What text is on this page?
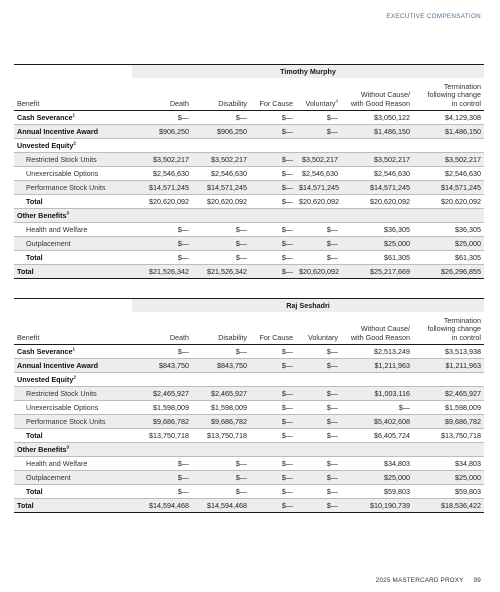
EXECUTIVE COMPENSATION

	Timothy Murphy					
Benefit	Death	Disability	For Cause	Voluntary$^4$	Without Cause/
with Good Reason	Termination
following change
in control
Cash Severance$^1$	$—	$—	$—	$—	$3,050,122	$4,129,308
Annual Incentive Award	$906,250	$906,250	$—	$—	$1,486,150	$1,486,150
Unvested Equity$^2$						
Restricted Stock Units	$3,502,217	$3,502,217	$—	$3,502,217	$3,502,217	$3,502,217
Unexercisable Options	$2,546,630	$2,546,630	$—	$2,546,630	$2,546,630	$2,546,630
Performance Stock Units	$14,571,245	$14,571,245	$—	$14,571,245	$14,571,245	$14,571,245
Total	$20,620,092	$20,620,092	$—	$20,620,092	$20,620,092	$20,620,092
Other Benefits$^3$						
Health and Welfare	$—	$—	$—	$—	$36,305	$36,305
Outplacement	$—	$—	$—	$—	$25,000	$25,000
Total	$—	$—	$—	$—	$61,305	$61,305
Total	$21,526,342	$21,526,342	$—	$20,620,092	$25,217,669	$26,296,855

	Raj Seshadri					
Benefit	Death	Disability	For Cause	Voluntary	Without Cause/
with Good Reason	Termination
following change
in control
Cash Severance$^1$	$—	$—	$—	$—	$2,513,249	$3,513,938
Annual Incentive Award	$843,750	$843,750	$—	$—	$1,211,963	$1,211,963
Unvested Equity$^2$						
Restricted Stock Units	$2,465,927	$2,465,927	$—	$—	$1,003,116	$2,465,927
Unexercisable Options	$1,598,009	$1,598,009	$—	$—	$—	$1,598,009
Performance Stock Units	$9,686,782	$9,686,782	$—	$—	$5,402,608	$9,686,782
Total	$13,750,718	$13,750,718	$—	$—	$6,405,724	$13,750,718
Other Benefits$^3$						
Health and Welfare	$—	$—	$—	$—	$34,803	$34,803
Outplacement	$—	$—	$—	$—	$25,000	$25,000
Total	$—	$—	$—	$—	$59,803	$59,803
Total	$14,594,468	$14,594,468	$—	$—	$10,190,739	$18,536,422
2025 MASTERCARD PROXY 99
